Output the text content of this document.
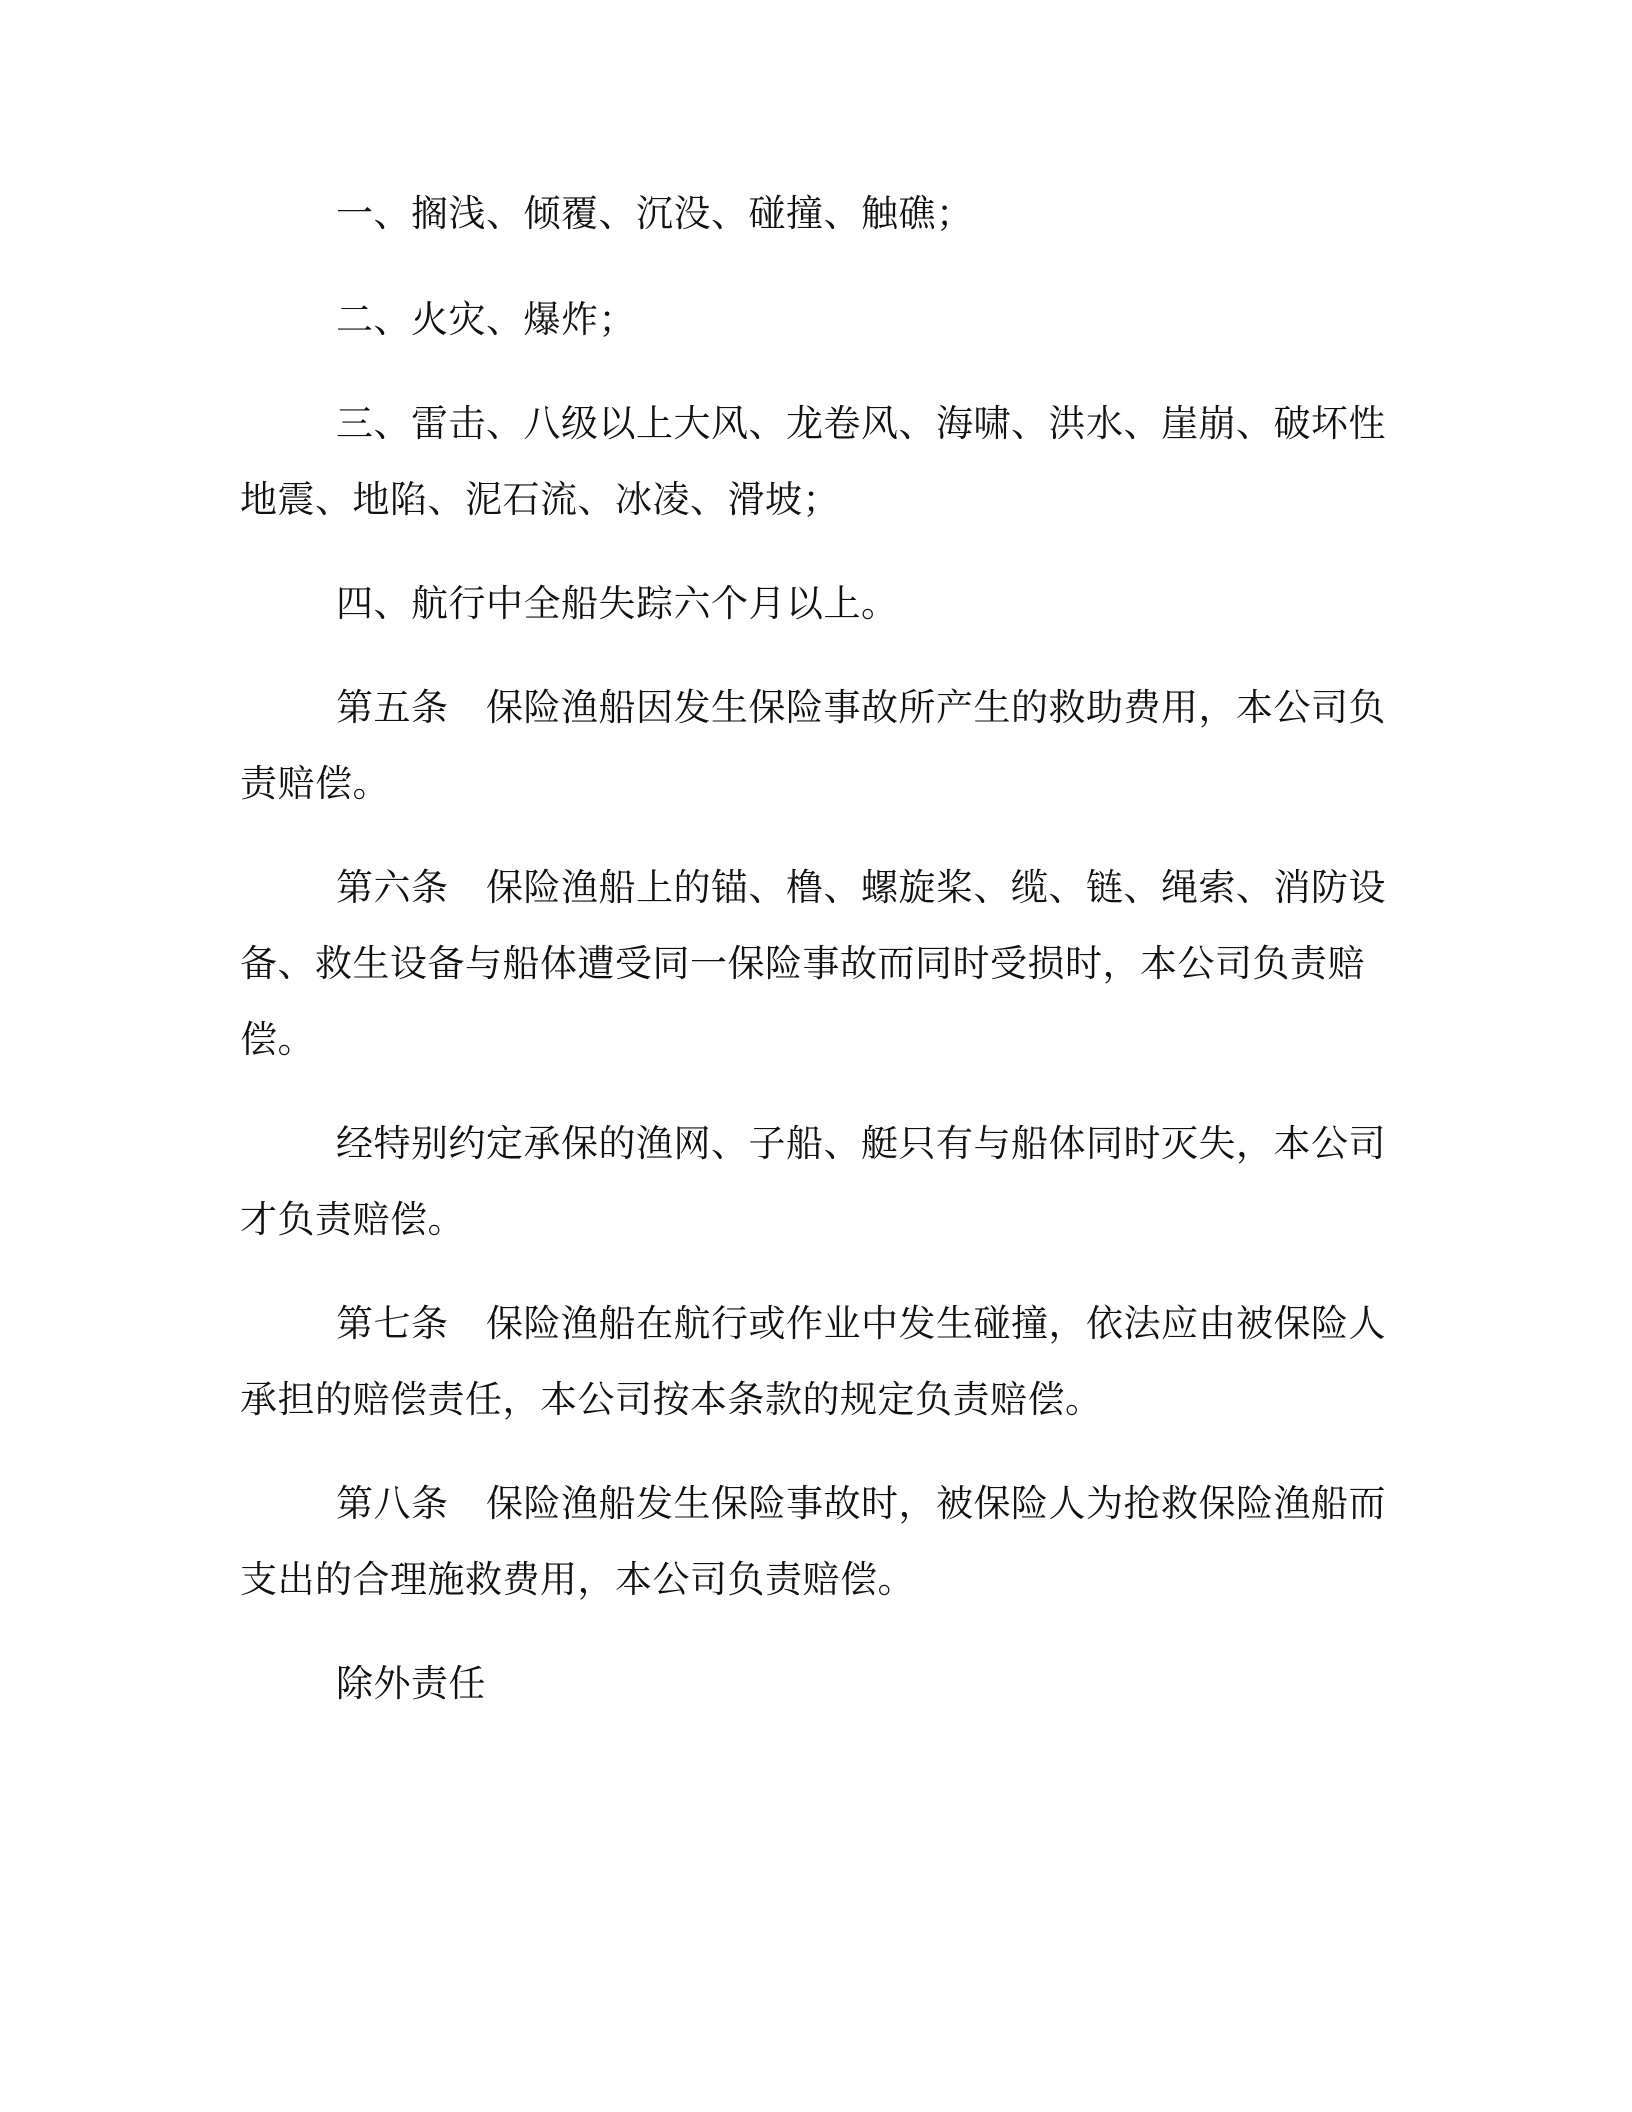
一、搁浅、倾覆、沉没、碰撞、触礁；

二、火灾、爆炸；

三、雷击、八级以上大风、龙卷风、海啸、洪水、崖崩、破坏性
地震、地陷、泥石流、冰凌、滑坡；

四、航行中全船失踪六个月以上。

第五条　保险渔船因发生保险事故所产生的救助费用，本公司负
责赔偿。

第六条　保险渔船上的锚、橹、螺旋桨、缆、链、绳索、消防设
备、救生设备与船体遭受同一保险事故而同时受损时，本公司负责赔
偿。

经特别约定承保的渔网、子船、艇只有与船体同时灭失，本公司
才负责赔偿。

第七条　保险渔船在航行或作业中发生碰撞，依法应由被保险人
承担的赔偿责任，本公司按本条款的规定负责赔偿。

第八条　保险渔船发生保险事故时，被保险人为抢救保险渔船而
支出的合理施救费用，本公司负责赔偿。

除外责任
